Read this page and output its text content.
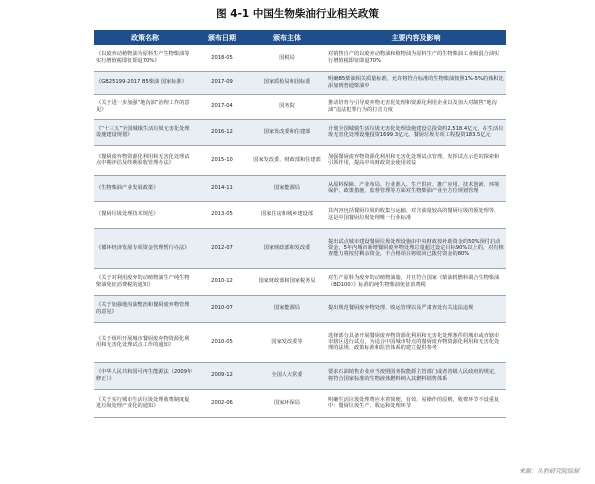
图 4-1 中国生物柴油行业相关政策
政策名称	颁布日期	颁布主体	主要内容及影响
《以废弃动植物油为原料生产生物柴油等实行增值税即征即退70%》	2018-05	国税局	对销售自产的以废弃动物油和植物油为原料生产的生物柴油工业级混合油实行增值税即征即退70%
《GB25199-2017 B5柴油 国家标准》	2017-09	国家质检局和国标委	明确B5柴油相关质量标准，允许将符合标准的生物柴油按照1%-5%的体积比添加到普通柴油中
《关于进一步加强“地沟油”治理工作的意见》	2017-04	国务院	推动培育与引导废弃物无害化处理和资源化利用企业以及加大对制售“地沟油”违法犯罪行为的打击力度
《“十三五”全国城镇生活垃圾无害化处理设施建设规划》	2016-12	国家发改委和住建部	计划全国城镇生活垃圾无害化处理设施建设总投资约2,518.4亿元，在生活垃圾无害化处理设施投资1699.3亿元，餐厨垃圾专项工程投资183.5亿元
《餐厨废弃物资源化利用和无害化处理试点中期评估及终期验收管理办法》	2015-10	国家发改委、财政部和住建部	加强餐厨废弃物资源化利用和无害化处理试点管理，发挥试点示范的探索和引领作用，提高中央财政资金使用效益
《生物柴油产业发展政策》	2014-11	国家能源局	从原料保障、产业布局、行业准入、生产供应、推广应用、技术创新、环境保护、政策措施、监督管理等方面对生物柴油产业全方位规划管理
《餐厨垃圾处理技术规范》	2013-05	国家住房和城乡建设部	其内容包括餐厨垃圾的收集与运输、对含油量较高的餐厨垃圾的预处理等，这是中国餐厨垃圾处理唯一行业标准
《循环经济发展专项资金管理暂行办法》	2012-07	国家财政部和发改委	提出试点城市建设餐厨垃圾处理设施由中央财政按补助资金的50%预付启动资金，5年内城市新增餐厨废弃物处理总量超过设定目标90%以上的，对有核查能力将按付剩余资金，不合格项目将收回已拨付资金的80%
《关于对利用废弃的动植物油生产纯生物柴油免征消费税的通知》	2010-12	国家财政部和国家税务局	对生产原料为废弃的动植物油脂，并且符合国家《柴油机燃料调合生物柴油（BD100）》标准的纯生物柴油免征消费税
《关于加强地沟油整治和餐厨废弃物管理的意见》	2010-07	国家能源局	提出规范餐厨废弃物处理、收运管理以及严肃查处有关违法违规
《关于组织开展城市餐厨废弃物资源化利用和无害化处理试点工作的通知》	2010-05	国家发改委等	选择部分具备开展餐厨废弃物资源化利用和无害化处理条件的城市或直辖市市辖区进行试点，为适合中国城市特点的餐厨废弃物资源化利用和无害化处理的法规、政策标准和监管体系的建立提供参考
《中华人民共和国可再生能源法（2009年修正）》	2009-12	全国人大常委	要求石油销售企业应当按照国务院能源主管部门或者省级人民政府的规定，将符合国家标准的生物液体燃料纳入其燃料销售体系
《关于实行城市生活垃圾处理收费制度促进垃圾处理产业化的通知》	2002-06	国家环保局	明确生活垃圾处理费应本着简便、有效、易操作的原则，收费环节不设重复中：餐厨垃圾生产、收运和处理环节
来源：头豹研究院绘制
